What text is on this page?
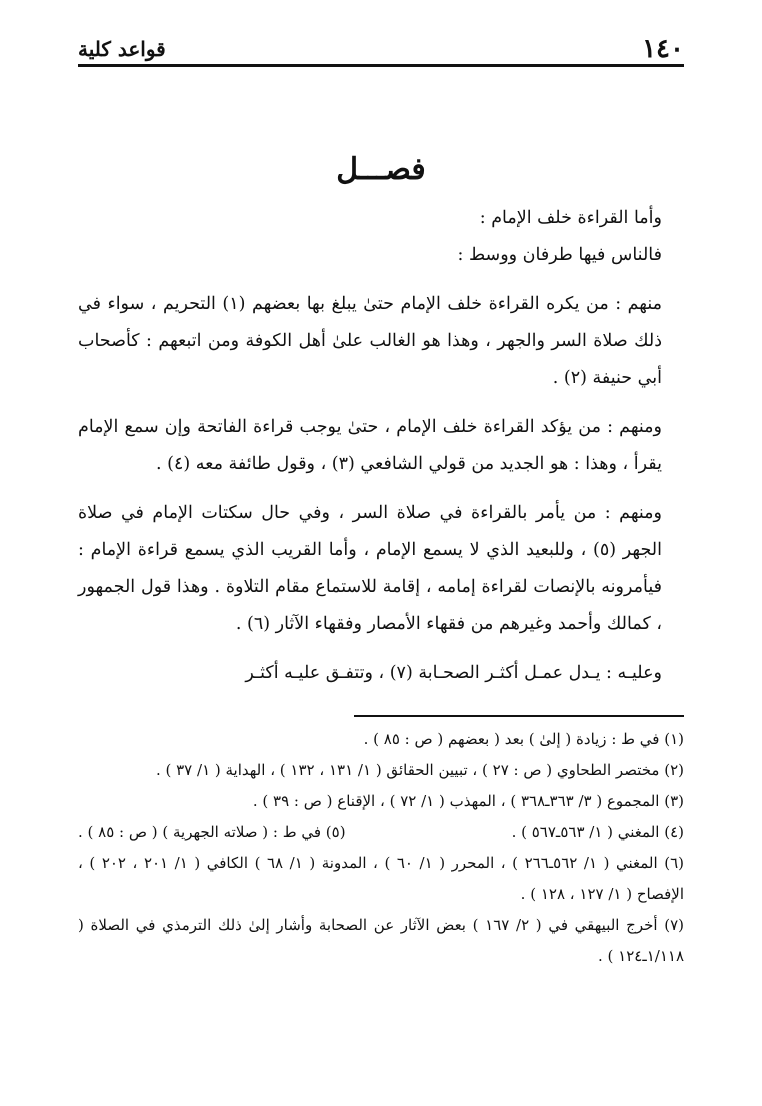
١٤٠
قواعد كلية
فصـــل

وأما القراءة خلف الإمام :

فالناس فيها طرفان ووسط :

منهم : من يكره القراءة خلف الإمام حتىٰ يبلغ بها بعضهم (١) التحريم ، سواء في ذلك صلاة السر والجهر ، وهذا هو الغالب علىٰ أهل الكوفة ومن اتبعهم : كأصحاب أبي حنيفة (٢) .

ومنهم : من يؤكد القراءة خلف الإمام ، حتىٰ يوجب قراءة الفاتحة وإن سمع الإمام يقرأ ، وهذا : هو الجديد من قولي الشافعي (٣) ، وقول طائفة معه (٤) .

ومنهم : من يأمر بالقراءة في صلاة السر ، وفي حال سكتات الإمام في صلاة الجهر (٥) ، وللبعيد الذي لا يسمع الإمام ، وأما القريب الذي يسمع قراءة الإمام : فيأمرونه بالإنصات لقراءة إمامه ، إقامة للاستماع مقام التلاوة . وهذا قول الجمهور ، كمالك وأحمد وغيرهم من فقهاء الأمصار وفقهاء الآثار (٦) .

وعليـه : يـدل عمـل أكثـر الصحـابة (٧) ، وتتفـق عليـه أكثـر

(١) في ط : زيادة ( إلىٰ ) بعد ( بعضهم ( ص : ٨٥ ) .

(٢) مختصر الطحاوي ( ص : ٢٧ ) ، تبيين الحقائق ( ١/ ١٣١ ، ١٣٢ ) ، الهداية ( ١/ ٣٧ ) .

(٣) المجموع ( ٣/ ٣٦٣ـ٣٦٨ ) ، المهذب ( ١/ ٧٢ ) ، الإقناع ( ص : ٣٩ ) .

(٤) المغني ( ١/ ٥٦٣ـ٥٦٧ ) .

(٥) في ط : ( صلاته الجهرية ) ( ص : ٨٥ ) .

(٦) المغني ( ١/ ٥٦٢ـ٢٦٦ ) ، المحرر ( ١/ ٦٠ ) ، المدونة ( ١/ ٦٨ ) الكافي ( ١/ ٢٠١ ، ٢٠٢ ) ، الإفصاح ( ١/ ١٢٧ ، ١٢٨ ) .

(٧) أخرج البيهقي في ( ٢/ ١٦٧ ) بعض الآثار عن الصحابة وأشار إلىٰ ذلك الترمذي في الصلاة ( ١/١١٨ـ١٢٤ ) .
